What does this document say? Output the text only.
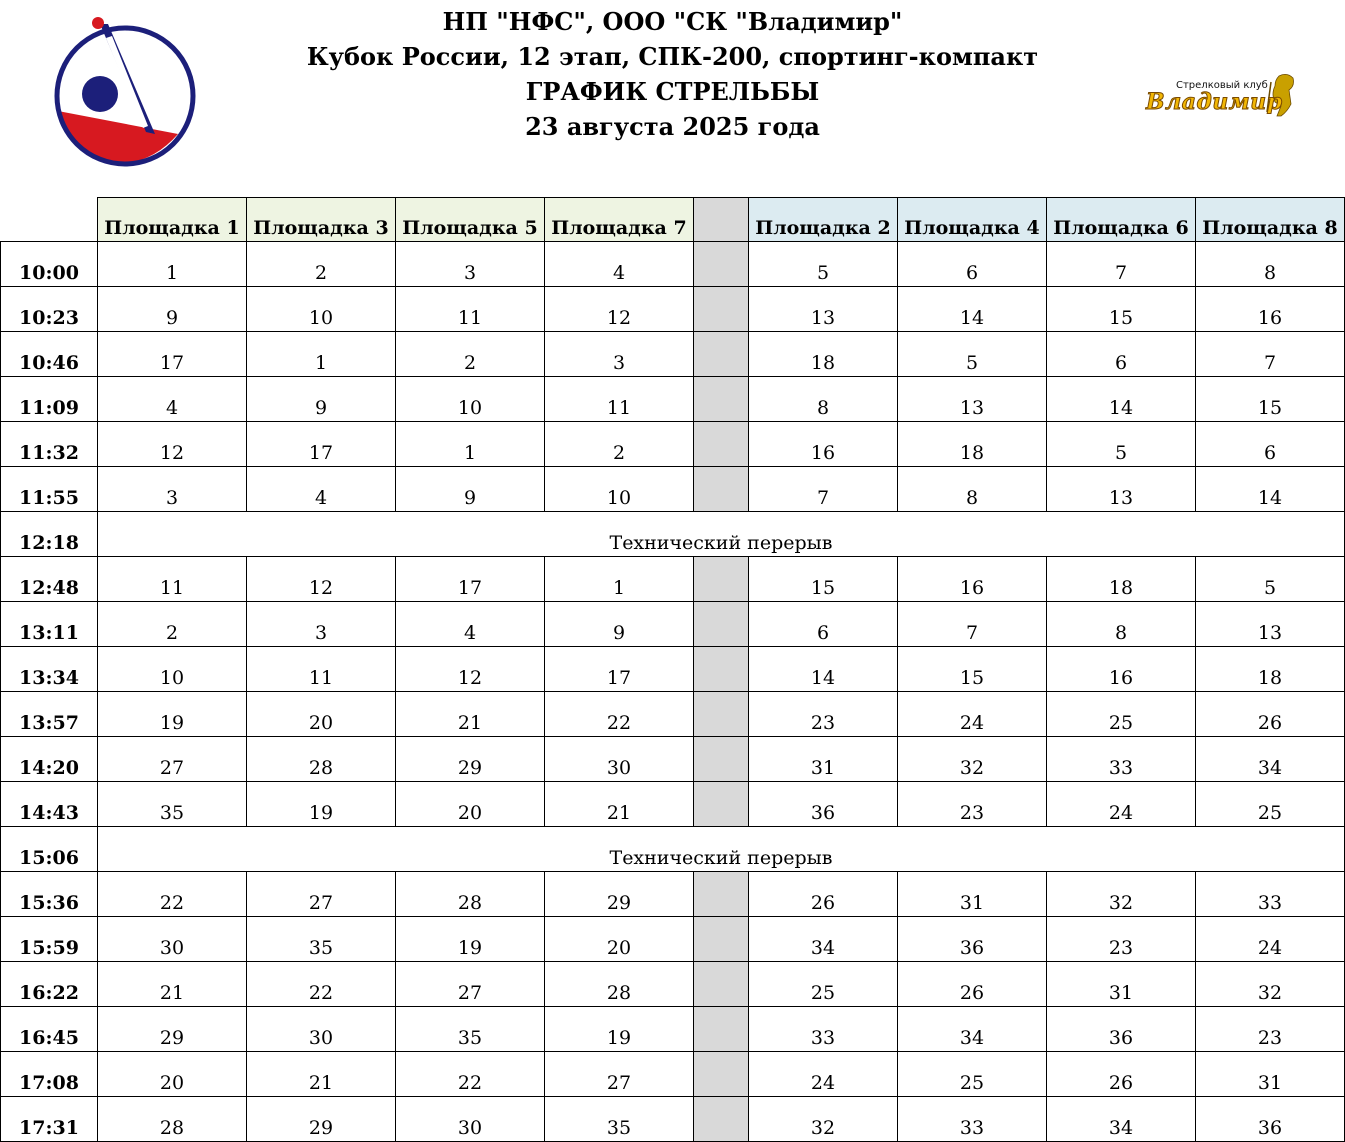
Стрелковый клуб
Владимир
НП "НФС", ООО "СК "Владимир"
Кубок России, 12 этап, СПК-200, спортинг-компакт
ГРАФИК СТРЕЛЬБЫ
23 августа 2025 года
	Площадка 1	Площадка 3	Площадка 5	Площадка 7		Площадка 2	Площадка 4	Площадка 6	Площадка 8
10:00	1	2	3	4		5	6	7	8
10:23	9	10	11	12		13	14	15	16
10:46	17	1	2	3		18	5	6	7
11:09	4	9	10	11		8	13	14	15
11:32	12	17	1	2		16	18	5	6
11:55	3	4	9	10		7	8	13	14
12:18	Технический перерыв								
12:48	11	12	17	1		15	16	18	5
13:11	2	3	4	9		6	7	8	13
13:34	10	11	12	17		14	15	16	18
13:57	19	20	21	22		23	24	25	26
14:20	27	28	29	30		31	32	33	34
14:43	35	19	20	21		36	23	24	25
15:06	Технический перерыв								
15:36	22	27	28	29		26	31	32	33
15:59	30	35	19	20		34	36	23	24
16:22	21	22	27	28		25	26	31	32
16:45	29	30	35	19		33	34	36	23
17:08	20	21	22	27		24	25	26	31
17:31	28	29	30	35		32	33	34	36
